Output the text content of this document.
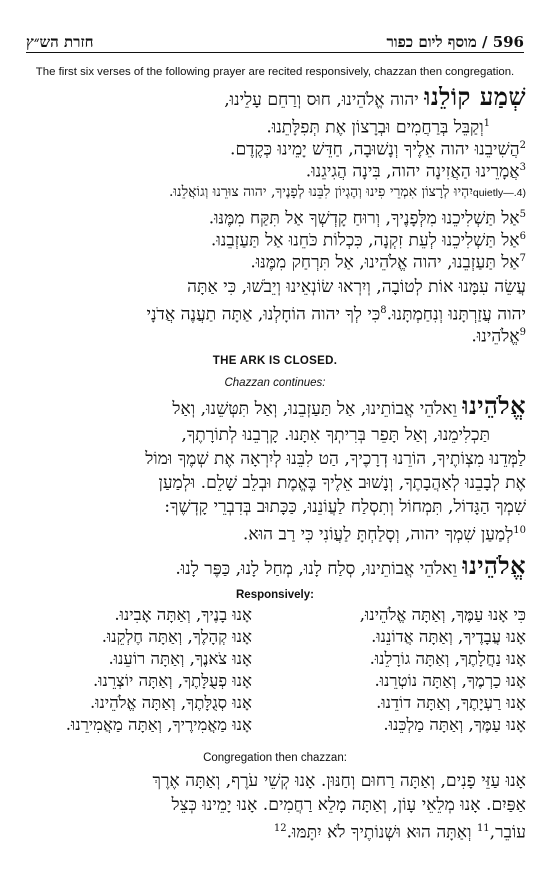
חזרת הש״ץ	596 / מוסף ליום כפור
The first six verses of the following prayer are recited responsively, chazzan then congregation.
שְׁמַע קוֹלֵנוּ יהוה אֱלֹהֵינוּ, חוּס וְרַחֵם עָלֵינוּ,
$^1$וְקַבֵּל בְּרַחֲמִים וּבְרָצוֹן אֶת תְּפִלָּתֵנוּ.
$^2$הֲשִׁיבֵנוּ יהוה אֵלֶיךָ וְנָשׁוּבָה, חַדֵּשׁ יָמֵינוּ כְּקֶדֶם.
$^3$אֲמָרֵינוּ הַאֲזִינָה יהוה, בִּינָה הֲגִיגֵנוּ.
(4.—quietlyיִהְיוּ לְרָצוֹן אִמְרֵי פִינוּ וְהֶגְיוֹן לִבֵּנוּ לְפָנֶיךָ, יהוה צוּרֵנוּ וְגוֹאֲלֵנוּ.
$^5$אַל תַּשְׁלִיכֵנוּ מִלְּפָנֶיךָ, וְרוּחַ קָדְשְׁךָ אַל תִּקַּח מִמֶּנּוּ.
$^6$אַל תַּשְׁלִיכֵנוּ לְעֵת זִקְנָה, כִּכְלוֹת כֹּחֵנוּ אַל תַּעַזְבֵנוּ.
$^7$אַל תַּעַזְבֵנוּ, יהוה אֱלֹהֵינוּ, אַל תִּרְחַק מִמֶּנּוּ.
עֲשֵׂה עִמָּנוּ אוֹת לְטוֹבָה, וְיִרְאוּ שׂוֹנְאֵינוּ וְיֵבֹשׁוּ, כִּי אַתָּה
יהוה עֲזַרְתָּנוּ וְנִחַמְתָּנוּ.$^8$כִּי לְךָ יהוה הוֹחָלְנוּ, אַתָּה תַעֲנֶה אֲדֹנָי
$^9$אֱלֹהֵינוּ.
THE ARK IS CLOSED.
Chazzan continues:
אֱלֹהֵינוּ וֵאלֹהֵי אֲבוֹתֵינוּ, אַל תַּעַזְבֵנוּ, וְאַל תִּטְּשֵׁנוּ, וְאַל
תַּכְלִימֵנוּ, וְאַל תָּפֵר בְּרִיתְךָ אִתָּנוּ. קָרְבֵנוּ לְתוֹרָתֶךָ,
לַמְּדֵנוּ מִצְוֹתֶיךָ, הוֹרֵנוּ דְרָכֶיךָ, הַט לִבֵּנוּ לְיִרְאָה אֶת שְׁמֶךָ וּמוֹל
אֶת לְבָבֵנוּ לְאַהֲבָתֶךָ, וְנָשׁוּב אֵלֶיךָ בֶּאֱמֶת וּבְלֵב שָׁלֵם. וּלְמַעַן
שִׁמְךָ הַגָּדוֹל, תִּמְחוֹל וְתִסְלַח לַעֲוֹנֵנוּ, כַּכָּתוּב בְּדִבְרֵי קָדְשֶׁךָ:
$^{10}$לְמַעַן שִׁמְךָ יהוה, וְסָלַחְתָּ לַעֲוֹנִי כִּי רַב הוּא.
אֱלֹהֵינוּ וֵאלֹהֵי אֲבוֹתֵינוּ, סְלַח לָנוּ, מְחַל לָנוּ, כַּפֶּר לָנוּ.
Responsively:
כִּי אָנוּ עַמֶּךָ, וְאַתָּה אֱלֹהֵינוּ,
אָנוּ עֲבָדֶיךָ, וְאַתָּה אֲדוֹנֵנוּ.
אָנוּ נַחֲלָתֶךָ, וְאַתָּה גוֹרָלֵנוּ.
אָנוּ כַרְמֶךָ, וְאַתָּה נוֹטְרֵנוּ.
אָנוּ רַעְיָתֶךָ, וְאַתָּה דוֹדֵנוּ.
אָנוּ עַמֶּךָ, וְאַתָּה מַלְכֵּנוּ.
אָנוּ בָנֶיךָ, וְאַתָּה אָבִינוּ.
אָנוּ קְהָלֶךָ, וְאַתָּה חֶלְקֵנוּ.
אָנוּ צֹאנֶךָ, וְאַתָּה רוֹעֵנוּ.
אָנוּ פְעֻלָּתֶךָ, וְאַתָּה יוֹצְרֵנוּ.
אָנוּ סְגֻלָּתֶךָ, וְאַתָּה אֱלֹהֵינוּ.
אָנוּ מַאֲמִירֶיךָ, וְאַתָּה מַאֲמִירֵנוּ.
Congregation then chazzan:
אָנוּ עַזֵּי פָנִים, וְאַתָּה רַחוּם וְחַנּוּן. אָנוּ קְשֵׁי עֹרֶף, וְאַתָּה אֶרֶךְ
אַפַּיִם. אָנוּ מְלֵאֵי עָוֹן, וְאַתָּה מָלֵא רַחֲמִים. אָנוּ יָמֵינוּ כְּצֵל
עוֹבֵר,$^{11}$ וְאַתָּה הוּא וּשְׁנוֹתֶיךָ לֹא יִתָּמּוּ.$^{12}$
